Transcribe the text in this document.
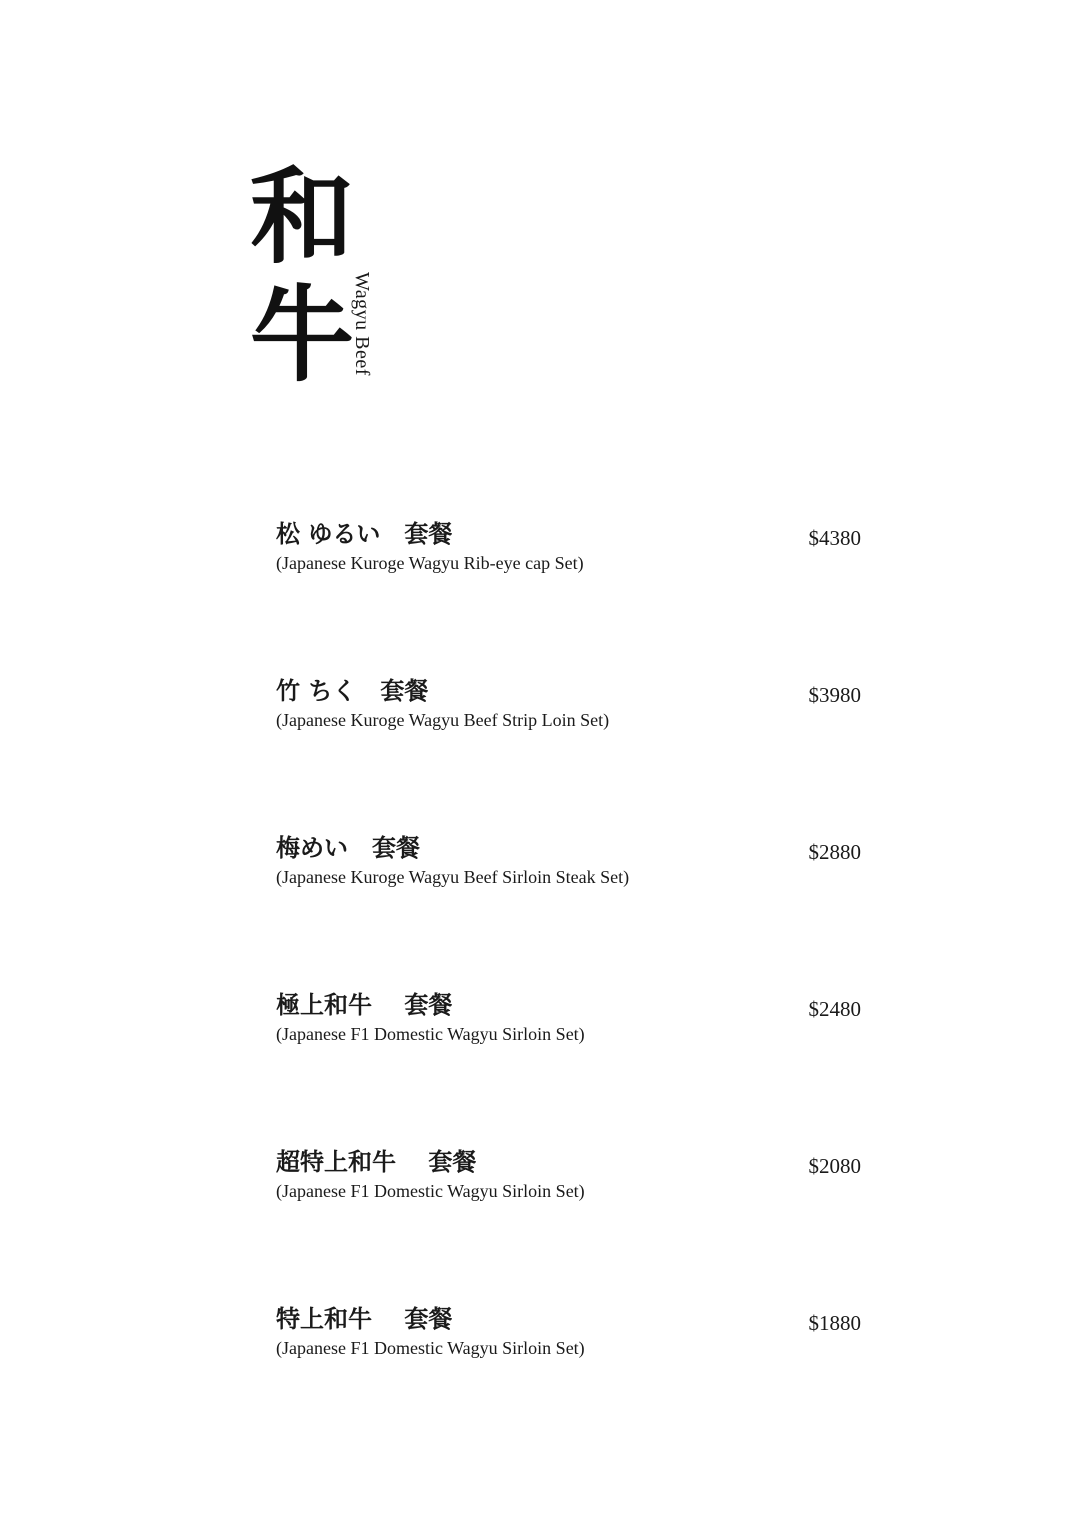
和
牛
Wagyu Beef
松 ゆるい　套餐
(Japanese Kuroge Wagyu Rib-eye cap Set)
$4380
竹 ちく　套餐
(Japanese Kuroge Wagyu Beef Strip Loin Set)
$3980
梅めい　套餐
(Japanese Kuroge Wagyu Beef Sirloin Steak Set)
$2880
極上和牛　 套餐
(Japanese F1 Domestic Wagyu Sirloin Set)
$2480
超特上和牛　 套餐
(Japanese F1 Domestic Wagyu Sirloin Set)
$2080
特上和牛　 套餐
(Japanese F1 Domestic Wagyu Sirloin Set)
$1880
